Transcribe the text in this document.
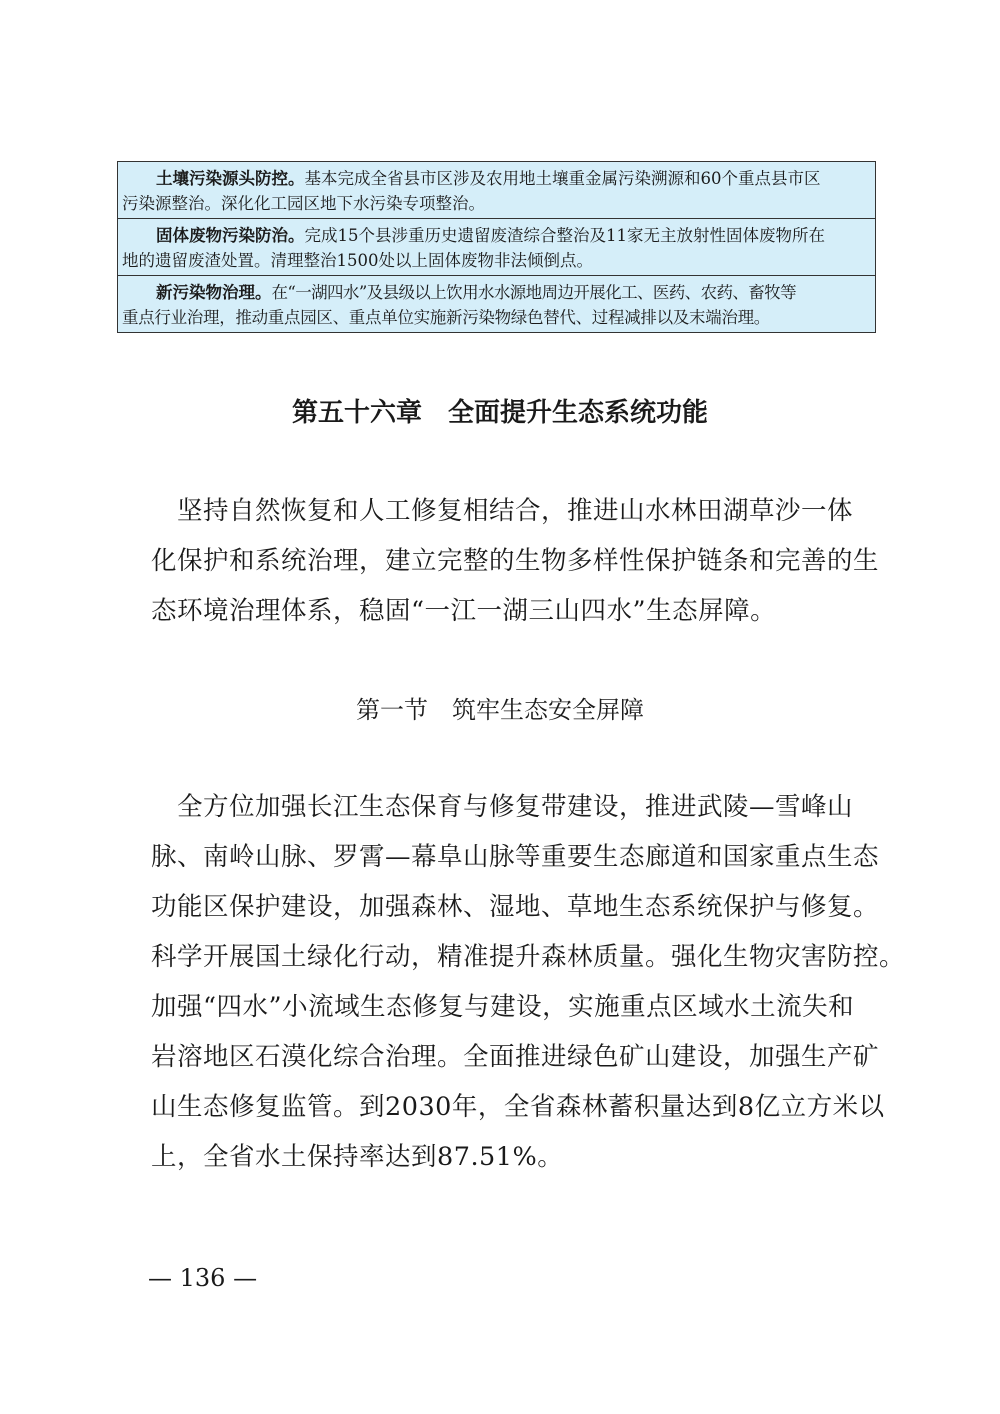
土壤污染源头防控。基本完成全省县市区涉及农用地土壤重金属污染溯源和60个重点县市区
污染源整治。深化化工园区地下水污染专项整治。
固体废物污染防治。完成15个县涉重历史遗留废渣综合整治及11家无主放射性固体废物所在
地的遗留废渣处置。清理整治1500处以上固体废物非法倾倒点。
新污染物治理。在“一湖四水”及县级以上饮用水水源地周边开展化工、医药、农药、畜牧等
重点行业治理，推动重点园区、重点单位实施新污染物绿色替代、过程减排以及末端治理。
第五十六章　全面提升生态系统功能
坚持自然恢复和人工修复相结合，推进山水林田湖草沙一体
化保护和系统治理，建立完整的生物多样性保护链条和完善的生
态环境治理体系，稳固“一江一湖三山四水”生态屏障。
第一节　筑牢生态安全屏障
全方位加强长江生态保育与修复带建设，推进武陵—雪峰山
脉、南岭山脉、罗霄—幕阜山脉等重要生态廊道和国家重点生态
功能区保护建设，加强森林、湿地、草地生态系统保护与修复。
科学开展国土绿化行动，精准提升森林质量。强化生物灾害防控。
加强“四水”小流域生态修复与建设，实施重点区域水土流失和
岩溶地区石漠化综合治理。全面推进绿色矿山建设，加强生产矿
山生态修复监管。到2030年，全省森林蓄积量达到8亿立方米以
上，全省水土保持率达到87.51%。
— 136 —
